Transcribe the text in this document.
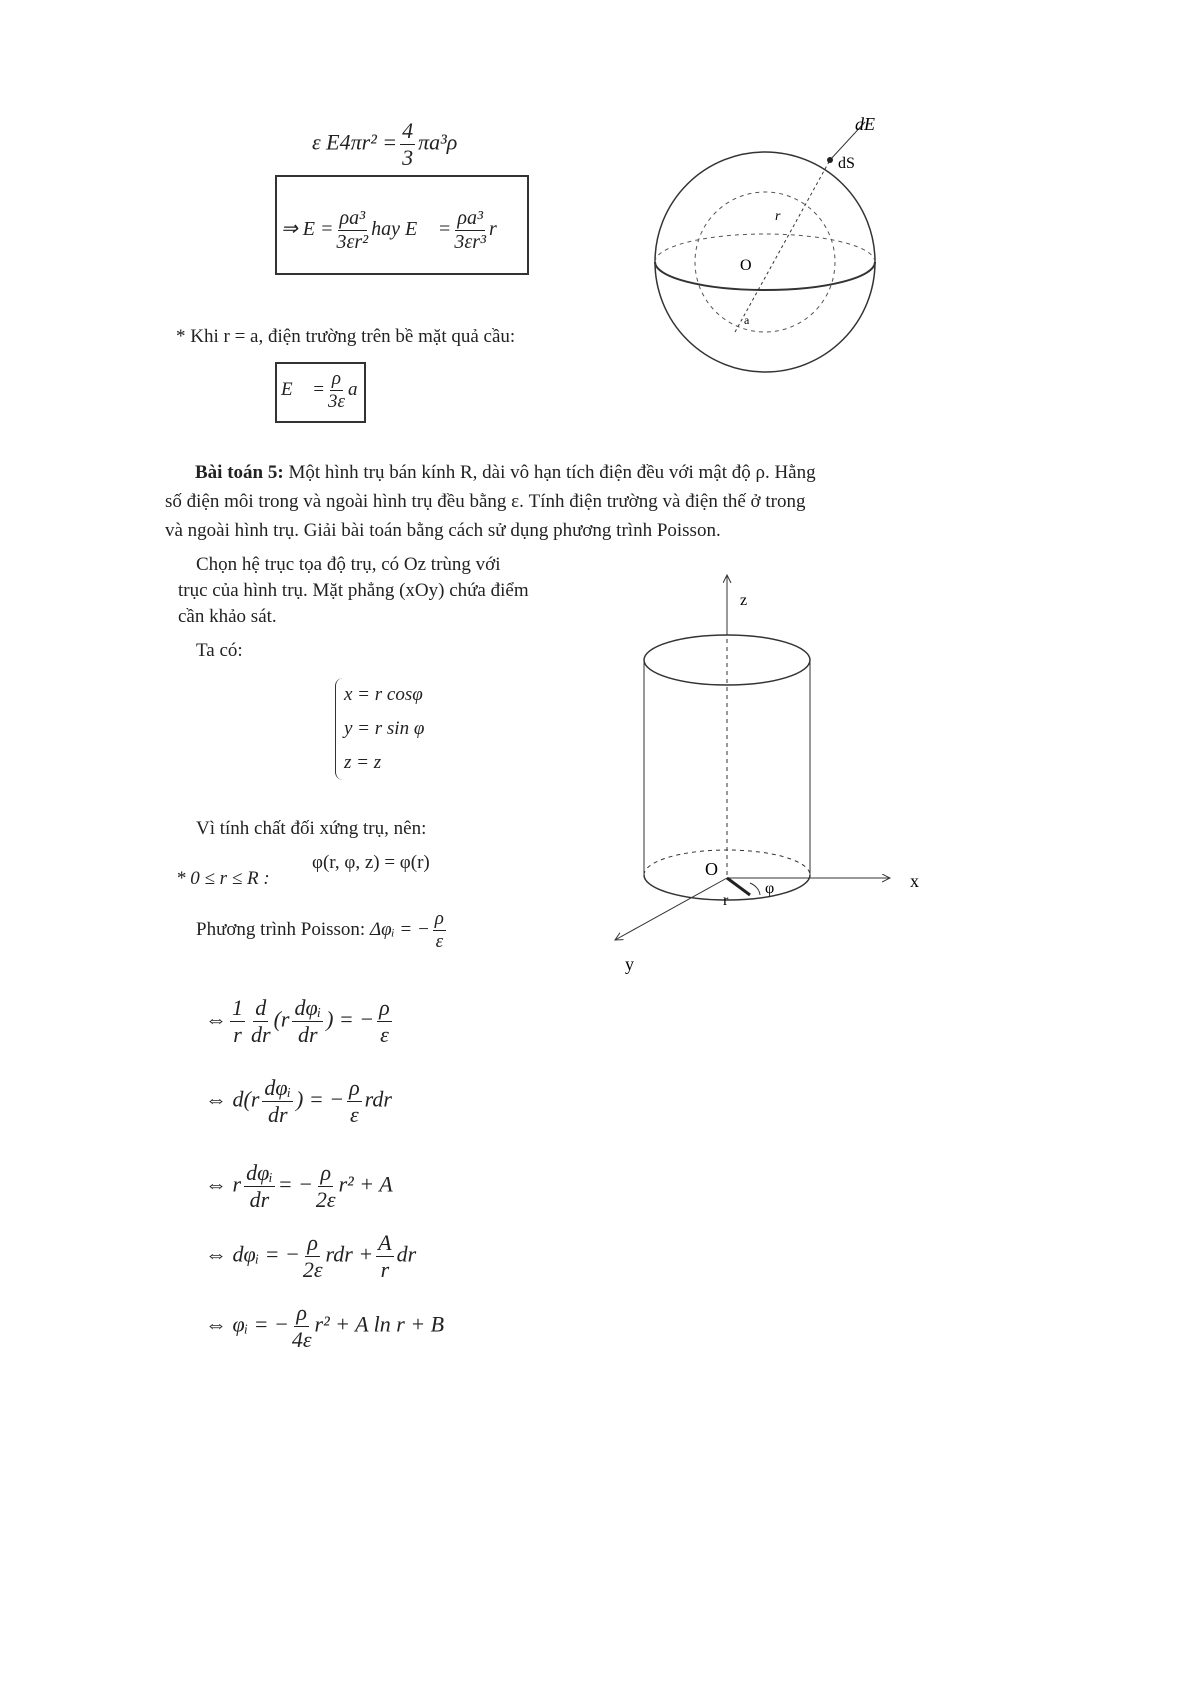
ε $E4\pi r^2 = \frac{4}{3} \pi a^3\rho$
⇒ $E = \frac{\text{ρa³}}{\text{3εr²}}$ hay E⃗ = $\frac{\text{ρa³}}{\text{3εr³}}$ r⃗
* Khi r = a, điện trường trên bề mặt quả cầu:
E⃗ = $\frac{\rho}{3\varepsilon}$ a⃗
dE⃗
dS
r⃗
O
a
Bài toán 5: Một hình trụ bán kính R, dài vô hạn tích điện đều với mật độ ρ. Hằng
số điện môi trong và ngoài hình trụ đều bằng ε. Tính điện trường và điện thế ở trong
và ngoài hình trụ. Giải bài toán bằng cách sử dụng phương trình Poisson.
Chọn hệ trục tọa độ trụ, có Oz trùng với
trục của hình trụ. Mặt phẳng (xOy) chứa điểm
cần khảo sát.
Ta có:
x = r cosφ
y = r sin φ
z = z
Vì tính chất đối xứng trụ, nên:
φ(r, φ, z) = φ(r)
* 0 ≤ r ≤ R :
Phương trình Poisson: Δφᵢ = − $\frac{\rho}{\varepsilon}$
⇔ $\frac{1}{r} \frac{d}{dr} (r$ dφᵢ
dr
) = − $\frac{\rho}{\varepsilon}$
⇔ d(r dφᵢ
dr
) = − $\frac{\rho}{\varepsilon}$ rdr
⇔ r dφᵢ
dr
= − $\frac{\rho}{2\varepsilon} r^2 + A$
⇔ dφᵢ = − $\frac{\rho}{2\varepsilon}$ rdr + $\frac{A}{r}$ dr
⇔ φᵢ = − $\frac{\rho}{4\varepsilon} r^2 + A$ ln r + B
z
x
y
O
r
φ
